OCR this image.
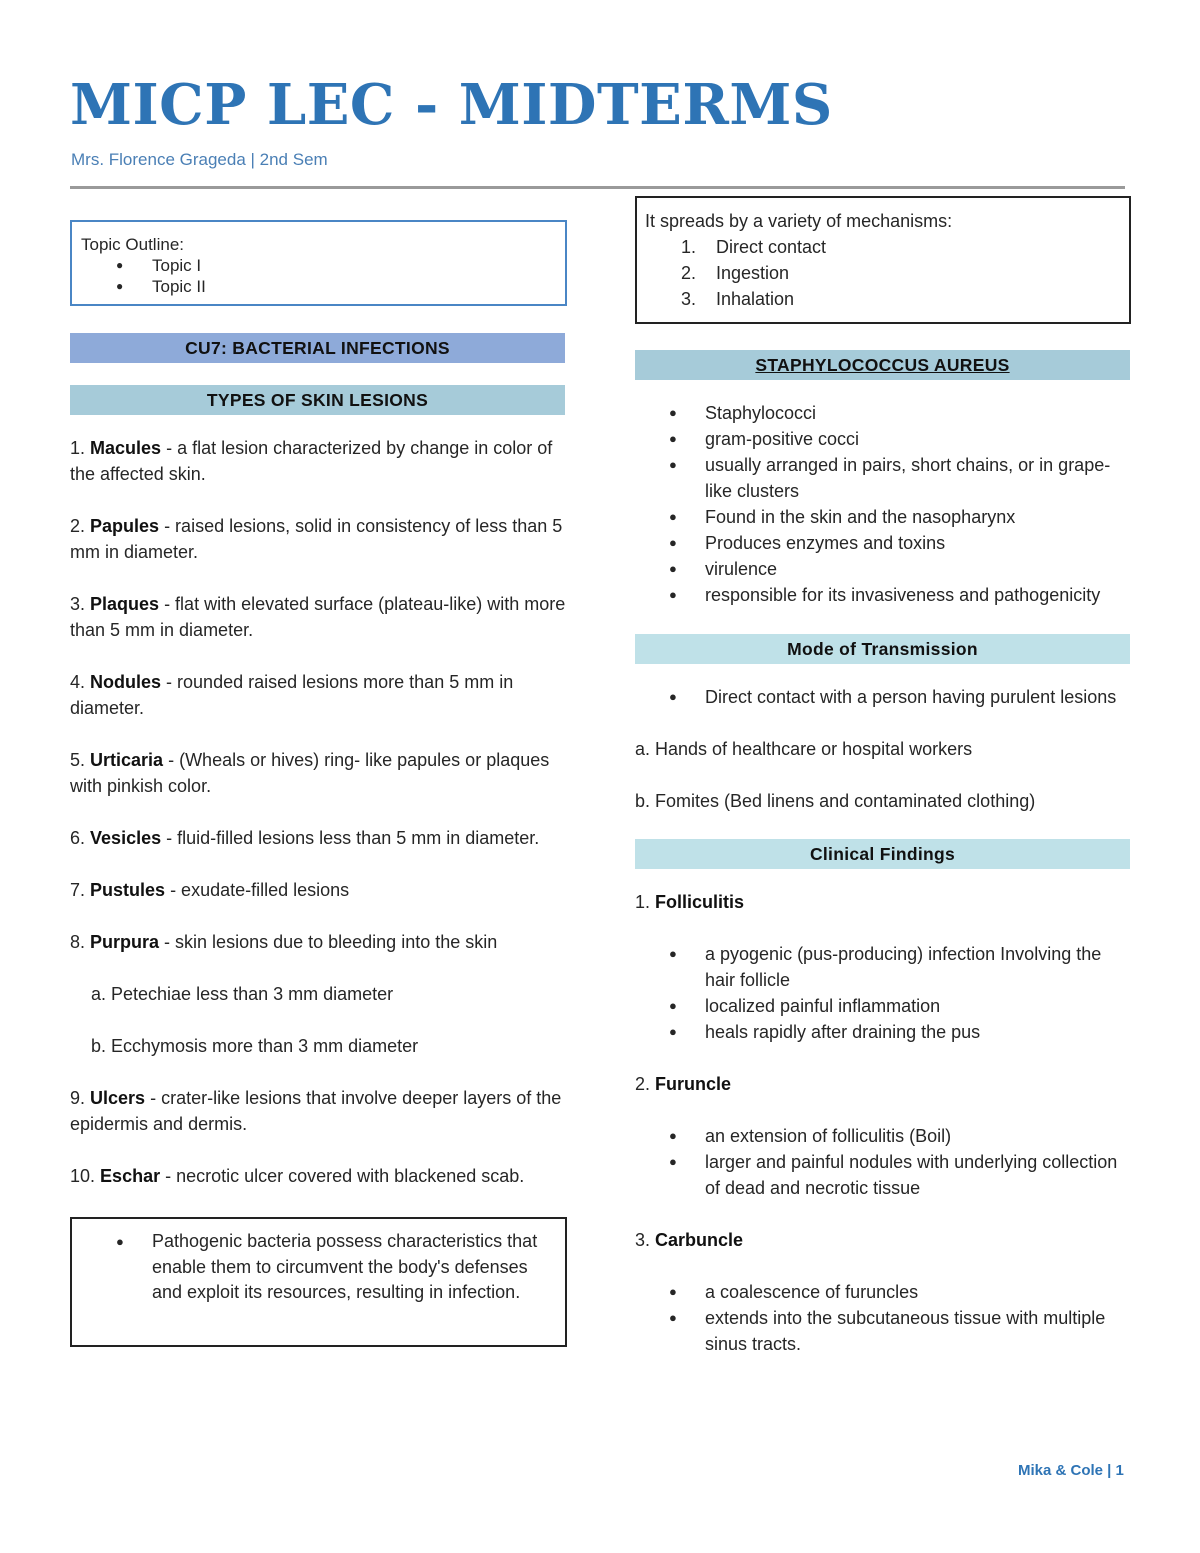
MICP LEC - MIDTERMS
Mrs. Florence Grageda | 2nd Sem
Topic Outline:
● Topic I
● Topic II
CU7: BACTERIAL INFECTIONS
TYPES OF SKIN LESIONS

1. Macules - a flat lesion characterized by change in color of the affected skin.

2. Papules - raised lesions, solid in consistency of less than 5 mm in diameter.

3. Plaques - flat with elevated surface (plateau-like) with more than 5 mm in diameter.

4. Nodules - rounded raised lesions more than 5 mm in diameter.

5. Urticaria - (Wheals or hives) ring- like papules or plaques with pinkish color.

6. Vesicles - fluid-filled lesions less than 5 mm in diameter.

7. Pustules - exudate-filled lesions

8. Purpura - skin lesions due to bleeding into the skin

a. Petechiae less than 3 mm diameter

b. Ecchymosis more than 3 mm diameter

9. Ulcers - crater-like lesions that involve deeper layers of the epidermis and dermis.

10. Eschar - necrotic ulcer covered with blackened scab.

● Pathogenic bacteria possess characteristics that enable them to circumvent the body's defenses and exploit its resources, resulting in infection.
It spreads by a variety of mechanisms:
1. Direct contact
2. Ingestion
3. Inhalation
STAPHYLOCOCCUS AUREUS
● Staphylococci
● gram-positive cocci
● usually arranged in pairs, short chains, or in grape-like clusters
● Found in the skin and the nasopharynx
● Produces enzymes and toxins
● virulence
● responsible for its invasiveness and pathogenicity
Mode of Transmission
● Direct contact with a person having purulent lesions

a. Hands of healthcare or hospital workers

b. Fomites (Bed linens and contaminated clothing)

Clinical Findings

1. Folliculitis

● a pyogenic (pus-producing) infection Involving the hair follicle
● localized painful inflammation
● heals rapidly after draining the pus

2. Furuncle

● an extension of folliculitis (Boil)
● larger and painful nodules with underlying collection of dead and necrotic tissue

3. Carbuncle

● a coalescence of furuncles
● extends into the subcutaneous tissue with multiple sinus tracts.
Mika & Cole | 1
